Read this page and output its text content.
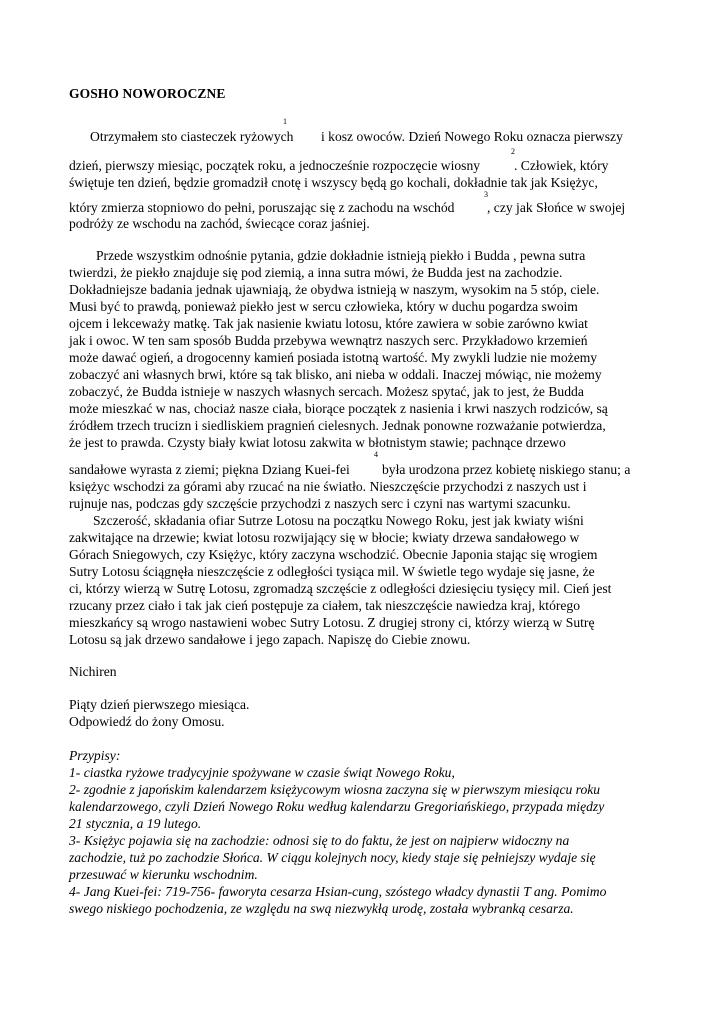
GOSHO NOWOROCZNE
1
Otrzymałem sto ciasteczek ryżowych i kosz owoców. Dzień Nowego Roku oznacza pierwszy
2
dzień, pierwszy miesiąc, początek roku, a jednocześnie rozpoczęcie wiosny . Człowiek, który
świętuje ten dzień, będzie gromadził cnotę i wszyscy będą go kochali, dokładnie tak jak Księżyc,
3
który zmierza stopniowo do pełni, poruszając się z zachodu na wschód , czy jak Słońce w swojej
podróży ze wschodu na zachód, świecące coraz jaśniej.
Przede wszystkim odnośnie pytania, gdzie dokładnie istnieją piekło i Budda , pewna sutra
twierdzi, że piekło znajduje się pod ziemią, a inna sutra mówi, że Budda jest na zachodzie.
Dokładniejsze badania jednak ujawniają, że obydwa istnieją w naszym, wysokim na 5 stóp, ciele.
Musi być to prawdą, ponieważ piekło jest w sercu człowieka, który w duchu pogardza swoim
ojcem i lekceważy matkę. Tak jak nasienie kwiatu lotosu, które zawiera w sobie zarówno kwiat
jak i owoc. W ten sam sposób Budda przebywa wewnątrz naszych serc. Przykładowo krzemień
może dawać ogień, a drogocenny kamień posiada istotną wartość. My zwykli ludzie nie możemy
zobaczyć ani własnych brwi, które są tak blisko, ani nieba w oddali. Inaczej mówiąc, nie możemy
zobaczyć, że Budda istnieje w naszych własnych sercach. Możesz spytać, jak to jest, że Budda
może mieszkać w nas, chociaż nasze ciała, biorące początek z nasienia i krwi naszych rodziców, są
źródłem trzech trucizn i siedliskiem pragnień cielesnych. Jednak ponowne rozważanie potwierdza,
że jest to prawda. Czysty biały kwiat lotosu zakwita w błotnistym stawie; pachnące drzewo
4
sandałowe wyrasta z ziemi; piękna Dziang Kuei-fei była urodzona przez kobietę niskiego stanu; a
księżyc wschodzi za górami aby rzucać na nie światło. Nieszczęście przychodzi z naszych ust i
rujnuje nas, podczas gdy szczęście przychodzi z naszych serc i czyni nas wartymi szacunku.
Szczerość, składania ofiar Sutrze Lotosu na początku Nowego Roku, jest jak kwiaty wiśni
zakwitające na drzewie; kwiat lotosu rozwijający się w błocie; kwiaty drzewa sandałowego w
Górach Sniegowych, czy Księżyc, który zaczyna wschodzić. Obecnie Japonia stając się wrogiem
Sutry Lotosu ściągnęła nieszczęście z odległości tysiąca mil. W świetle tego wydaje się jasne, że
ci, którzy wierzą w Sutrę Lotosu, zgromadzą szczęście z odległości dziesięciu tysięcy mil. Cień jest
rzucany przez ciało i tak jak cień postępuje za ciałem, tak nieszczęście nawiedza kraj, którego
mieszkańcy są wrogo nastawieni wobec Sutry Lotosu. Z drugiej strony ci, którzy wierzą w Sutrę
Lotosu są jak drzewo sandałowe i jego zapach. Napiszę do Ciebie znowu.
Nichiren
Piąty dzień pierwszego miesiąca.
Odpowiedź do żony Omosu.
Przypisy:
1- ciastka ryżowe tradycyjnie spożywane w czasie świąt Nowego Roku,
2- zgodnie z japońskim kalendarzem księżycowym wiosna zaczyna się w pierwszym miesiącu roku
kalendarzowego, czyli Dzień Nowego Roku według kalendarzu Gregoriańskiego, przypada między
21 stycznia, a 19 lutego.
3- Księżyc pojawia się na zachodzie: odnosi się to do faktu, że jest on najpierw widoczny na
zachodzie, tuż po zachodzie Słońca. W ciągu kolejnych nocy, kiedy staje się pełniejszy wydaje się
przesuwać w kierunku wschodnim.
4- Jang Kuei-fei: 719-756- faworyta cesarza Hsian-cung, szóstego władcy dynastii T ang. Pomimo
swego niskiego pochodzenia, ze względu na swą niezwykłą urodę, została wybranką cesarza.
